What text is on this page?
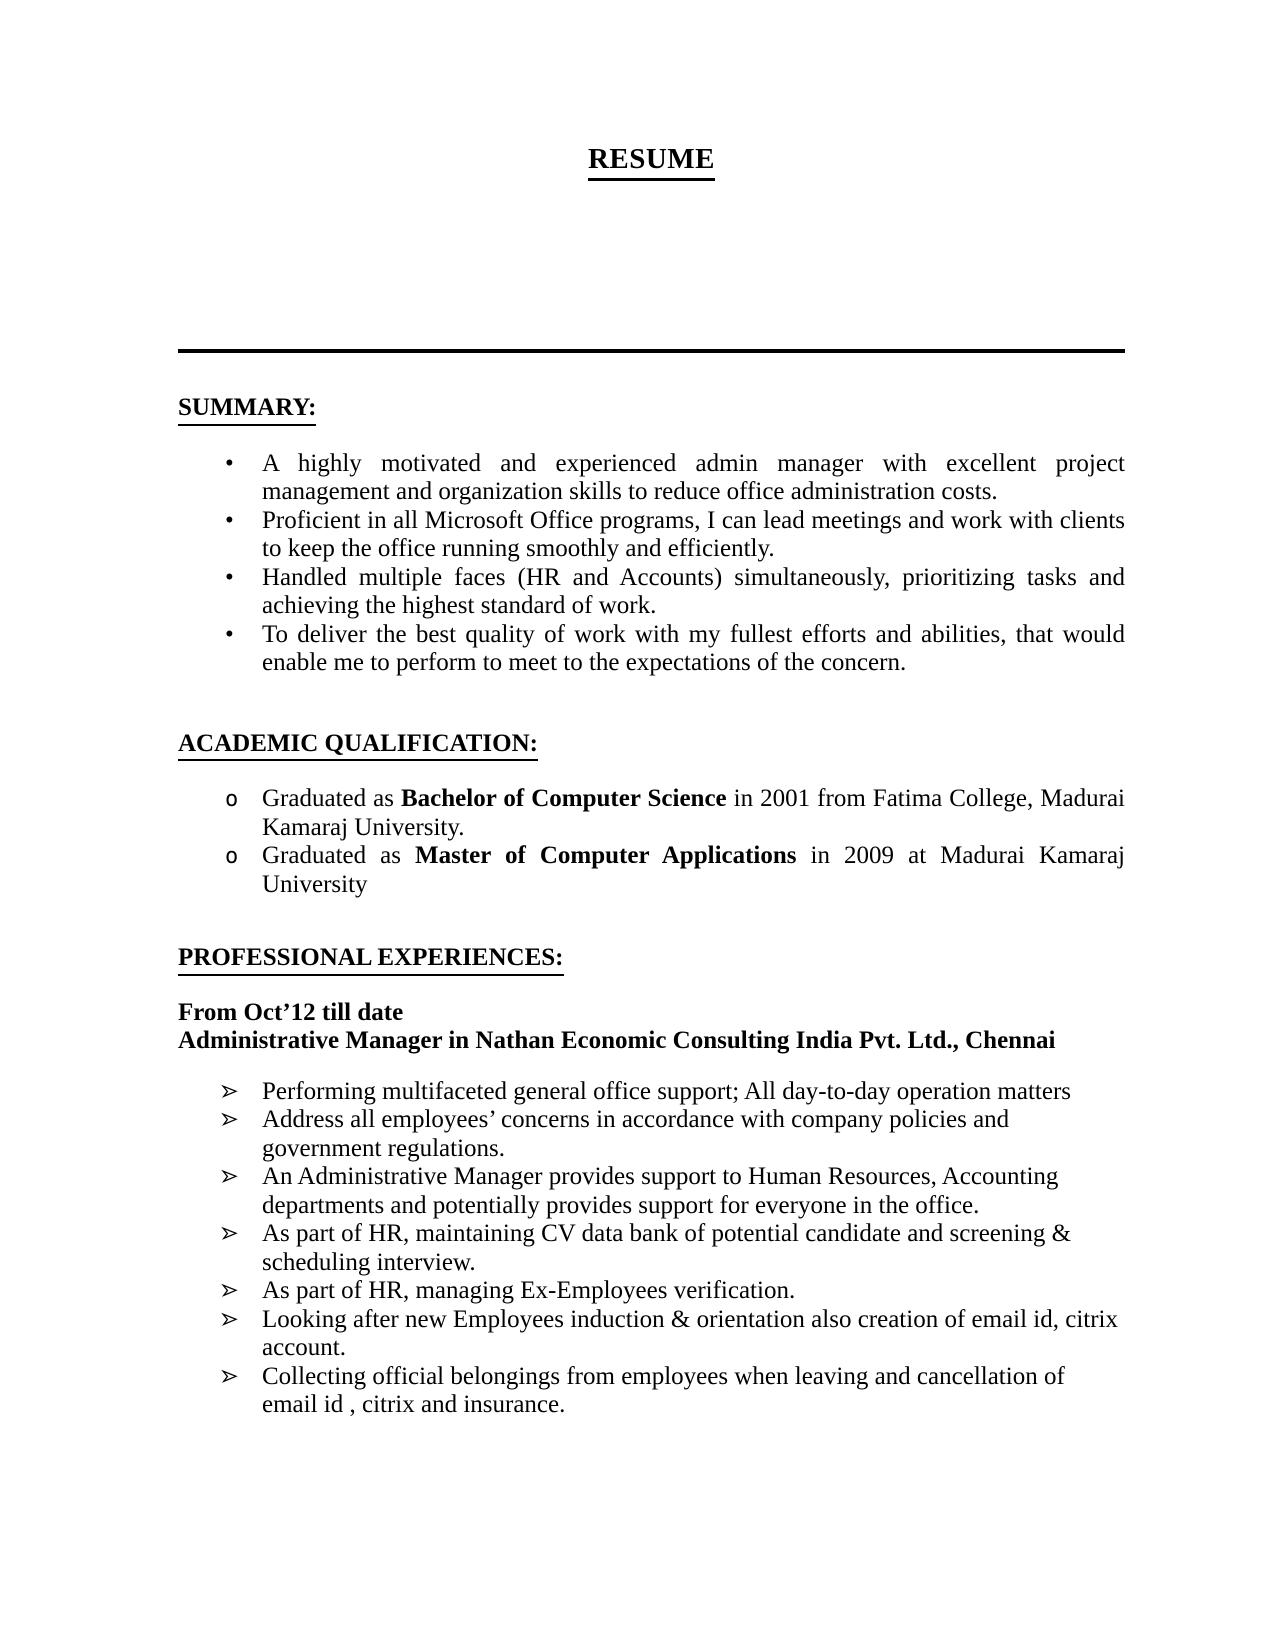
RESUME
SUMMARY:
• A highly motivated and experienced admin manager with excellent project management and organization skills to reduce office administration costs.
• Proficient in all Microsoft Office programs, I can lead meetings and work with clients to keep the office running smoothly and efficiently.
• Handled multiple faces (HR and Accounts) simultaneously, prioritizing tasks and achieving the highest standard of work.
• To deliver the best quality of work with my fullest efforts and abilities, that would enable me to perform to meet to the expectations of the concern.
ACADEMIC QUALIFICATION:
o Graduated as Bachelor of Computer Science in 2001 from Fatima College, Madurai Kamaraj University.
o Graduated as Master of Computer Applications in 2009 at Madurai Kamaraj University
PROFESSIONAL EXPERIENCES:
From Oct’12 till date
Administrative Manager in Nathan Economic Consulting India Pvt. Ltd., Chennai
Performing multifaceted general office support; All day-to-day operation matters
Address all employees’ concerns in accordance with company policies and government regulations.
An Administrative Manager provides support to Human Resources, Accounting departments and potentially provides support for everyone in the office.
As part of HR, maintaining CV data bank of potential candidate and screening & scheduling interview.
As part of HR, managing Ex-Employees verification.
Looking after new Employees induction & orientation also creation of email id, citrix account.
Collecting official belongings from employees when leaving and cancellation of email id , citrix and insurance.
